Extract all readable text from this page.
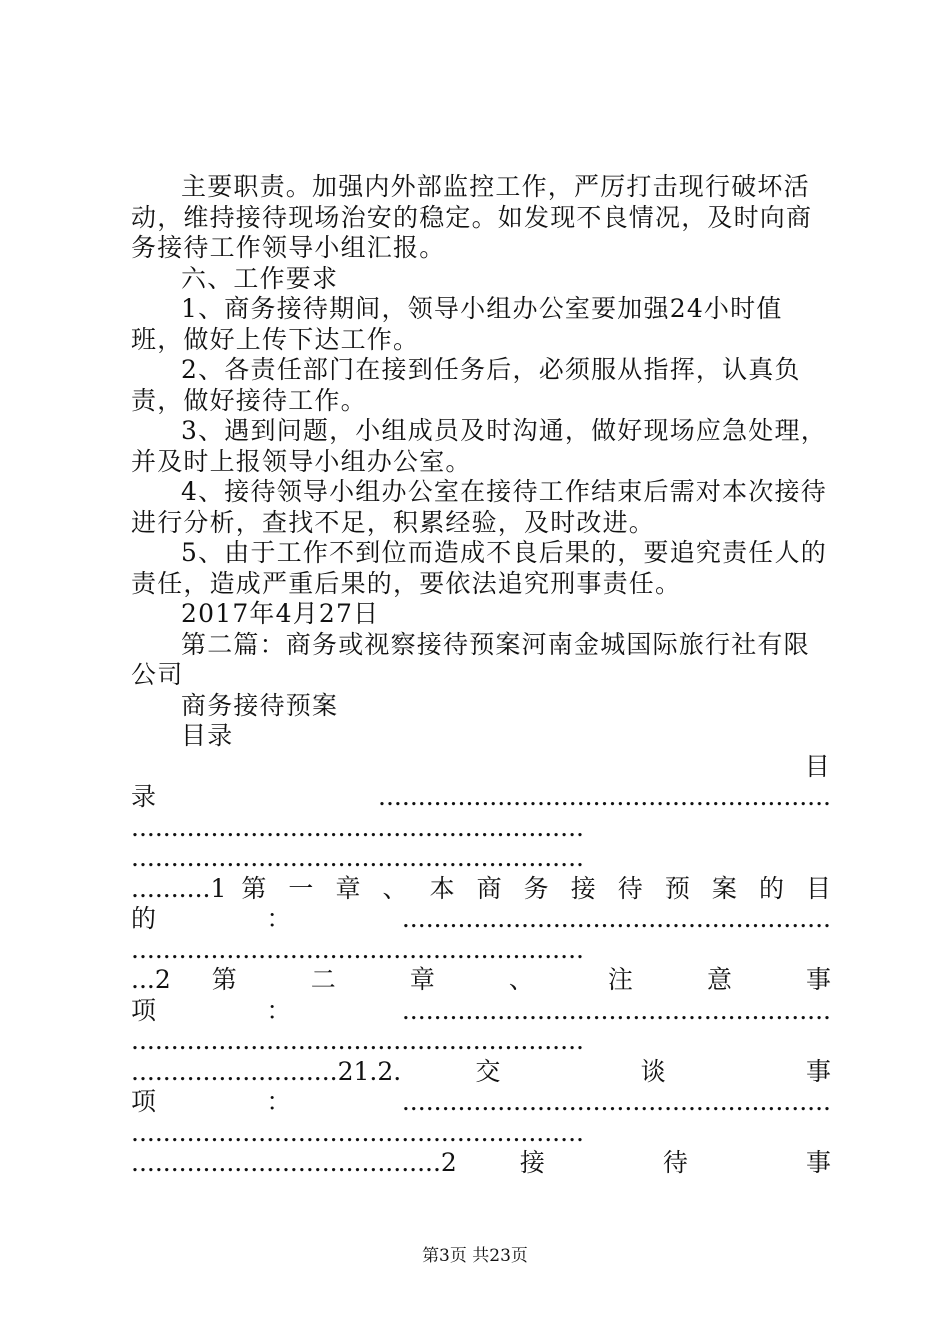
主要职责。加强内外部监控工作，严厉打击现行破坏活动，维持接待现场治安的稳定。如发现不良情况，及时向商务接待工作领导小组汇报。

六、工作要求

1、商务接待期间，领导小组办公室要加强24小时值班，做好上传下达工作。

2、各责任部门在接到任务后，必须服从指挥，认真负责，做好接待工作。

3、遇到问题，小组成员及时沟通，做好现场应急处理，并及时上报领导小组办公室。

4、接待领导小组办公室在接待工作结束后需对本次接待进行分析，查找不足，积累经验，及时改进。

5、由于工作不到位而造成不良后果的，要追究责任人的责任，造成严重后果的，要依法追究刑事责任。

2017年4月27日

第二篇：商务或视察接待预案河南金城国际旅行社有限公司

商务接待预案

目录

目

录.........................................................

.........................................................

.........................................................

..........1 第 一 章 、 本 商 务 接 待 预 案 的 目

的：......................................................

.........................................................

...2 第 二 章 、 注 意 事

项：......................................................

.........................................................

..........................21.2. 交 谈 事

项：......................................................

.........................................................

.......................................2 接 待 事

第3页 共23页
